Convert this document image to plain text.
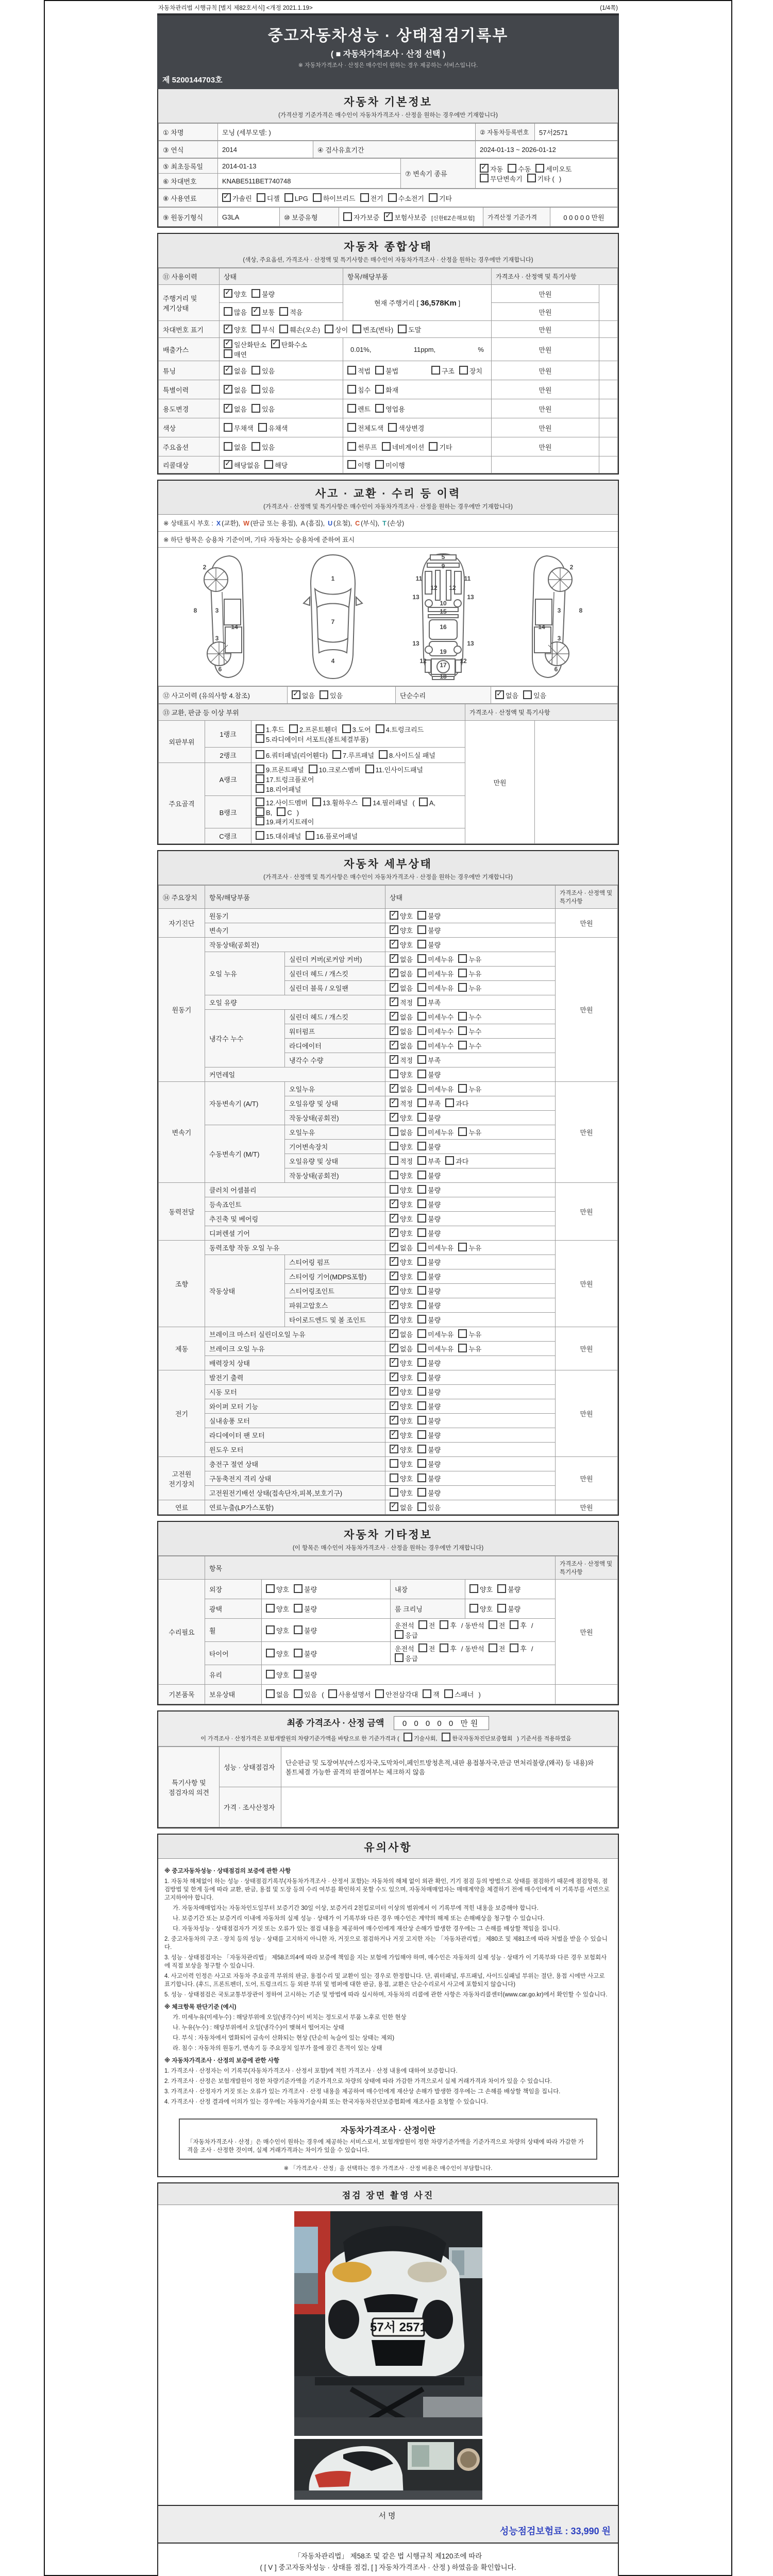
자동차관리법 시행규칙 [별지 제82호서식] <개정 2021.1.19>	(1/4쪽)
중고자동차성능 · 상태점검기록부
( ■ 자동차가격조사 · 산정 선택 )
※ 자동차가격조사 · 산정은 매수인이 원하는 경우 제공하는 서비스입니다.
제 5200144703호
자동차 기본정보
(가격산정 기준가격은 매수인이 자동차가격조사 · 산정을 원하는 경우에만 기재합니다)
① 차명	모닝 (세부모델: )	② 자동차등록번호	57서2571
③ 연식	2014	④ 검사유효기간	2024-01-13 ~ 2026-01-12
⑤ 최초등록일	2014-01-13	⑦ 변속기 종류	✓자동 수동 세미오토
무단변속기 기타 ()
⑥ 차대번호	KNABE511BET740748		
⑧ 사용연료	✓가솔린 디젤 LPG 하이브리드 전기 수소전기 기타
⑨ 원동기형식	G3LA	⑩ 보증유형	자가보증 ✓ 보험사보증 [신한EZ손해보험]	가격산정 기준가격	0 0 0 0 0 만원
자동차 종합상태
(색상, 주요옵션, 가격조사 · 산정액 및 특기사항은 매수인이 자동차가격조사 · 산정을 원하는 경우에만 기재합니다)
⑪ 사용이력	상태	항목/해당부품	가격조사 · 산정액 및 특기사항	
주행거리 및 계기상태	✓양호 불량	현재 주행거리 [ 36,578Km ]	만원	
	많음 ✓ 보통 적음		만원	
차대번호 표기	✓양호 부식 훼손(오손) 상이 변조(변타) 도말		만원	
배출가스	✓일산화탄소 ✓ 탄화수소매연	0.01%, 11ppm, %	만원	
튜닝	✓없음 있음	적법 불법 구조 장치	만원	
특별이력	✓없음 있음	침수 화재	만원	
용도변경	✓없음 있음	렌트 영업용	만원	
색상	무채색 유채색	전체도색 색상변경	만원	
주요옵션	없음 있음	썬루프 네비게이션 기타	만원	
리콜대상	✓해당없음 해당	이행 미이행		
사고 · 교환 · 수리 등 이력
(가격조사 · 산정액 및 특기사항은 매수인이 자동차가격조사 · 산정을 원하는 경우에만 기재합니다)
※ 상태표시 부호 : X (교환), W (판금 또는 용접), A (흠집), U (요철), C (부식), T (손상)
※ 하단 항목은 승용차 기준이며, 기타 자동차는 승용차에 준하여 표시
2
8	3
3
14
6
1
7
4
5
9
11	11
12 12
13	13
10
15
16
13	13
19
12	12
17
18
2
8
3
3
14
6
⑫ 사고이력 (유의사항 4.참조)	✓없음 있음	단순수리	✓없음 있음
⑬ 교환, 판금 등 이상 부위			가격조사 · 산정액 및 특기사항	
외판부위	1랭크	1.후드 2.프론트휀더 3.도어 4.트렁크리드
5.라디에이터 서포트(볼트체결부품)	만원	
	2랭크	6.쿼터패널(리어휀다) 7.루프패널 8.사이드실 패널		
주요골격	A랭크	9.프론트패널 10.크로스멤버 11.인사이드패널17.트렁크플로어
18.리어패널		
	B랭크	12.사이드멤버 13.휠하우스 14.필러패널 ( A,B, C )
19.패키지트레이		
	C랭크	15.대쉬패널 16.플로어패널		
자동차 세부상태
(가격조사 · 산정액 및 특기사항은 매수인이 자동차가격조사 · 산정을 원하는 경우에만 기재합니다)
⑭ 주요장치	항목/해당부품		상태	가격조사 · 산정액 및 특기사항
자기진단	원동기	✓양호 불량	만원
	변속기	✓양호 불량
원동기	작동상태(공회전)	✓양호 불량	만원
	오일 누유	실린더 커버(로커암 커버)	✓없음 미세누유 누유
		실린더 헤드 / 개스킷	✓없음 미세누유 누유
		실린더 블록 / 오일팬	✓없음 미세누유 누유
	오일 유량	✓적정 부족
	냉각수 누수	실린더 헤드 / 개스킷	✓없음 미세누수 누수
		워터펌프	✓없음 미세누수 누수
		라디에이터	✓없음 미세누수 누수
		냉각수 수량	✓적정 부족
	커먼레일		양호 불량	
변속기	자동변속기 (A/T)	오일누유	✓없음 미세누유 누유	만원
		오일유량 및 상태	✓적정 부족 과다
		작동상태(공회전)	✓양호 불량
	수동변속기 (M/T)	오일누유	없음 미세누유 누유	
		기어변속장치	양호 불량	
		오일유량 및 상태	적정 부족 과다	
		작동상태(공회전)	양호 불량	
동력전달	클러치 어셈블리		양호 불량	만원
	등속죠인트	✓양호 불량
	추진축 및 베어링	✓양호 불량
	디퍼렌셜 기어	✓양호 불량
조향	동력조향 작동 오일 누유	✓없음 미세누유 누유	만원
	작동상태	스티어링 펌프	✓양호 불량
		스티어링 기어(MDPS포함)	✓양호 불량
		스티어링조인트	✓양호 불량
		파워고압호스	✓양호 불량
		타이로드엔드 및 볼 조인트	✓양호 불량
제동	브레이크 마스터 실린더오일 누유	✓없음 미세누유 누유	만원
	브레이크 오일 누유	✓없음 미세누유 누유
	배력장치 상태	✓양호 불량
전기	발전기 출력	✓양호 불량	만원
	시동 모터	✓양호 불량
	와이퍼 모터 기능	✓양호 불량
	실내송풍 모터	✓양호 불량
	라디에이터 팬 모터	✓양호 불량
	윈도우 모터	✓양호 불량
고전원 전기장치	충전구 절연 상태		양호 불량	만원
	구동축전지 격리 상태		양호 불량	
	고전원전기배선 상태(접속단자,피복,보호기구)		양호 불량	
연료	연료누출(LP가스포함)	✓없음 있음	만원
자동차 기타정보
(이 항목은 매수인이 자동차가격조사 · 산정을 원하는 경우에만 기재합니다)
	항목				가격조사 · 산정액 및 특기사항
수리필요	외장	양호 불량	내장	양호 불량	만원
	광택	양호 불량	룸 크리닝	양호 불량	
	휠	양호 불량	운전석 전 후 / 동반석 전 후 /응급		
	타이어	양호 불량	운전석 전 후 / 동반석 전 후 /응급		
	유리	양호 불량			
기본품목	보유상태	없음 있음 ( 사용설명서 안전삼각대 잭 스패너 )			
최종 가격조사 · 산정 금액 0 0 0 0 0 만원
이 가격조사 · 산정가격은 보험개발원의 차량기준가액을 바탕으로 한 기준가격과 (	기술사회,	한국자동차진단보증협회 ) 기준서를 적용하였음
특기사항 및 점검자의 의견	성능 · 상태점검자	단순판금 및 도장여부(마스킹자국,도막차이,페인트방청흔적,내판 용접봉자국,판금 면처리불량,(왜곡) 등 내용)와 볼트체결 가능한 골격의 판결여부는 체크하지 않음
	가격 · 조사산정자	
유의사항

※ 중고자동차성능 · 상태점검의 보증에 관한 사항

1. 자동차 해체없이 하는 성능 · 상태점검기록부(자동차가격조사 · 산정서 포함)는 자동차의 해체 없이 외관 확인, 기기 점검 등의 방법으로 상태를 점검하기 때문에 점검항목, 점검방법 및 한계 등에 따라 교환, 판금, 용접 및 도장 등의 수리 여부를 확인하지 못할 수도 있으며, 자동차매매업자는 매매계약을 체결하기 전에 매수인에게 이 기록부를 서면으로 고지하여야 합니다.

가. 자동차매매업자는 자동차인도일부터 보증기간 30일 이상, 보증거리 2천킬로미터 이상의 범위에서 이 기록부에 적힌 내용을 보증해야 합니다.

나. 보증기간 또는 보증거리 이내에 자동차의 실제 성능 · 상태가 이 기록부와 다른 경우 매수인은 계약의 해제 또는 손해배상을 청구할 수 있습니다.

다. 자동차성능 · 상태점검자가 거짓 또는 오류가 있는 점검 내용을 제공하여 매수인에게 재산상 손해가 발생한 경우에는 그 손해를 배상할 책임을 집니다.

2. 중고자동차의 구조 · 장치 등의 성능 · 상태를 고지하지 아니한 자, 거짓으로 점검하거나 거짓 고지한 자는 「자동차관리법」 제80조 및 제81조에 따라 처벌을 받을 수 있습니다.

3. 성능 · 상태점검자는 「자동차관리법」 제58조의4에 따라 보증에 책임을 지는 보험에 가입해야 하며, 매수인은 자동차의 실제 성능 · 상태가 이 기록부와 다른 경우 보험회사에 직접 보상을 청구할 수 있습니다.

4. 사고이력 인정은 사고로 자동차 주요골격 부위의 판금, 용접수리 및 교환이 있는 경우로 한정합니다. 단, 쿼터패널, 루프패널, 사이드실패널 부위는 절단, 용접 시에만 사고로 표기합니다. (후드, 프론트펜더, 도어, 트렁크리드 등 외판 부위 및 범퍼에 대한 판금, 용접, 교환은 단순수리로서 사고에 포함되지 않습니다)

5. 성능 · 상태점검은 국토교통부장관이 정하여 고시하는 기준 및 방법에 따라 실시하며, 자동차의 리콜에 관한 사항은 자동차리콜센터(www.car.go.kr)에서 확인할 수 있습니다.

※ 체크항목 판단기준 (예시)

가. 미세누유(미세누수) : 해당부위에 오일(냉각수)이 비치는 정도로서 부품 노후로 인한 현상

나. 누유(누수) : 해당부위에서 오일(냉각수)이 맺혀서 떨어지는 상태

다. 부식 : 자동차에서 열화되어 금속이 산화되는 현상 (단순히 녹슬어 있는 상태는 제외)

라. 침수 : 자동차의 원동기, 변속기 등 주요장치 일부가 물에 잠긴 흔적이 있는 상태

※ 자동차가격조사 · 산정의 보증에 관한 사항

1. 가격조사 · 산정자는 이 기록부(자동차가격조사 · 산정서 포함)에 적힌 가격조사 · 산정 내용에 대하여 보증합니다.

2. 가격조사 · 산정은 보험개발원이 정한 차량기준가액을 기준가격으로 차량의 상태에 따라 가감한 가격으로서 실제 거래가격과 차이가 있을 수 있습니다.

3. 가격조사 · 산정자가 거짓 또는 오류가 있는 가격조사 · 산정 내용을 제공하여 매수인에게 재산상 손해가 발생한 경우에는 그 손해를 배상할 책임을 집니다.

4. 가격조사 · 산정 결과에 이의가 있는 경우에는 자동차기술사회 또는 한국자동차진단보증협회에 재조사를 요청할 수 있습니다.

자동차가격조사 · 산정이란
「자동차가격조사 · 산정」은 매수인이 원하는 경우에 제공하는 서비스로서, 보험개발원이 정한 차량기준가액을 기준가격으로 차량의 상태에 따라 가감한 가격을 조사 · 산정한 것이며, 실제 거래가격과는 차이가 있을 수 있습니다.
※ 「가격조사 · 산정」을 선택하는 경우 가격조사 · 산정 비용은 매수인이 부담합니다.
점검 장면 촬영 사진
57서 2571
서명
성능점검보험료 : 33,990 원
「자동차관리법」 제58조 및 같은 법 시행규칙 제120조에 따라
( [ V ] 중고자동차성능 · 상태를 점검, [ ] 자동차가격조사 · 산정 ) 하였음을 확인합니다.
